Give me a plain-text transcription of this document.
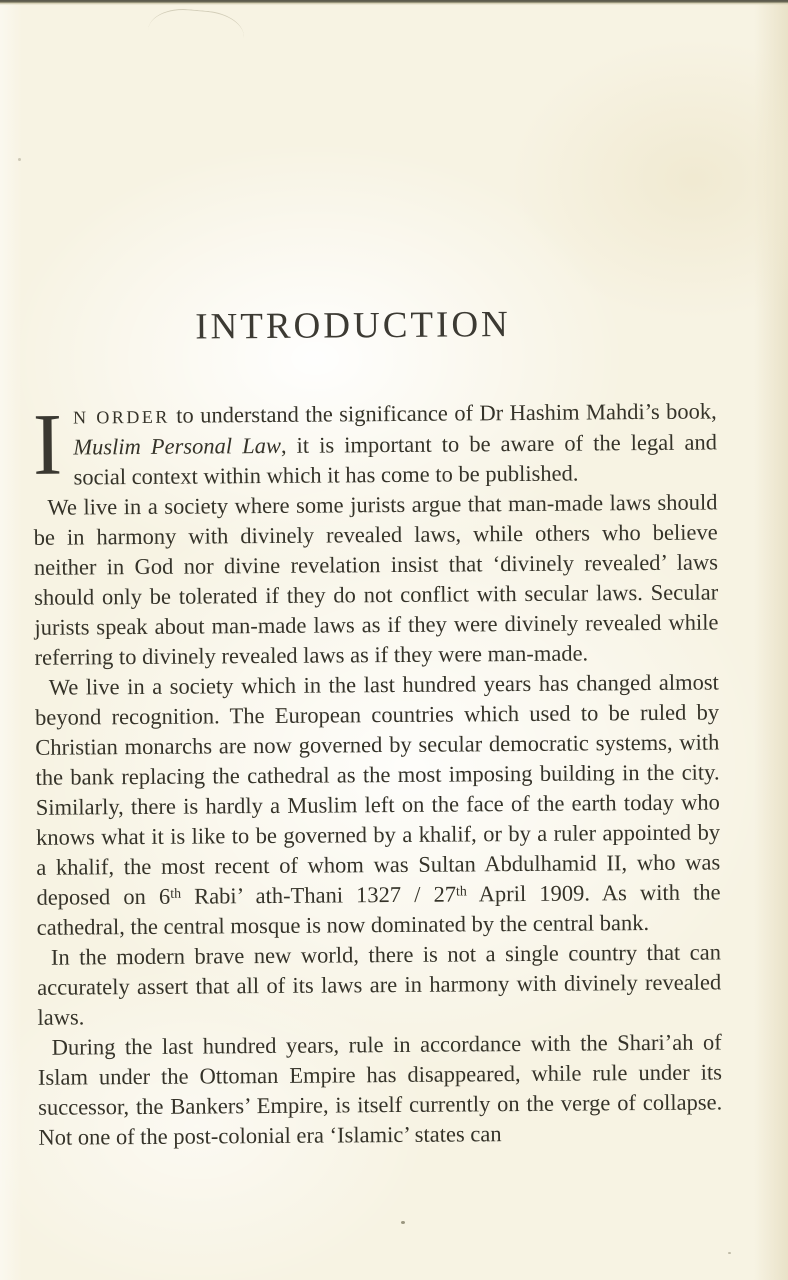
INTRODUCTION

I N ORDER to understand the significance of Dr Hashim Mahdi’s book, Muslim Personal Law, it is important to be aware of the legal and social context within which it has come to be published.

We live in a society where some jurists argue that man-made laws should be in harmony with divinely revealed laws, while others who believe neither in God nor divine revelation insist that ‘divinely revealed’ laws should only be tolerated if they do not conflict with secular laws. Secular jurists speak about man-made laws as if they were divinely revealed while referring to divinely revealed laws as if they were man-made.

We live in a society which in the last hundred years has changed almost beyond recognition. The European countries which used to be ruled by Christian monarchs are now governed by secular democratic systems, with the bank replacing the cathedral as the most imposing building in the city. Similarly, there is hardly a Muslim left on the face of the earth today who knows what it is like to be governed by a khalif, or by a ruler appointed by a khalif, the most recent of whom was Sultan Abdulhamid II, who was deposed on 6th Rabi’ ath-Thani 1327 / 27th April 1909. As with the cathedral, the central mosque is now dominated by the central bank.

In the modern brave new world, there is not a single country that can accurately assert that all of its laws are in harmony with divinely revealed laws.

During the last hundred years, rule in accordance with the Shari’ah of Islam under the Ottoman Empire has disappeared, while rule under its successor, the Bankers’ Empire, is itself currently on the verge of collapse. Not one of the post-colonial era ‘Islamic’ states can
